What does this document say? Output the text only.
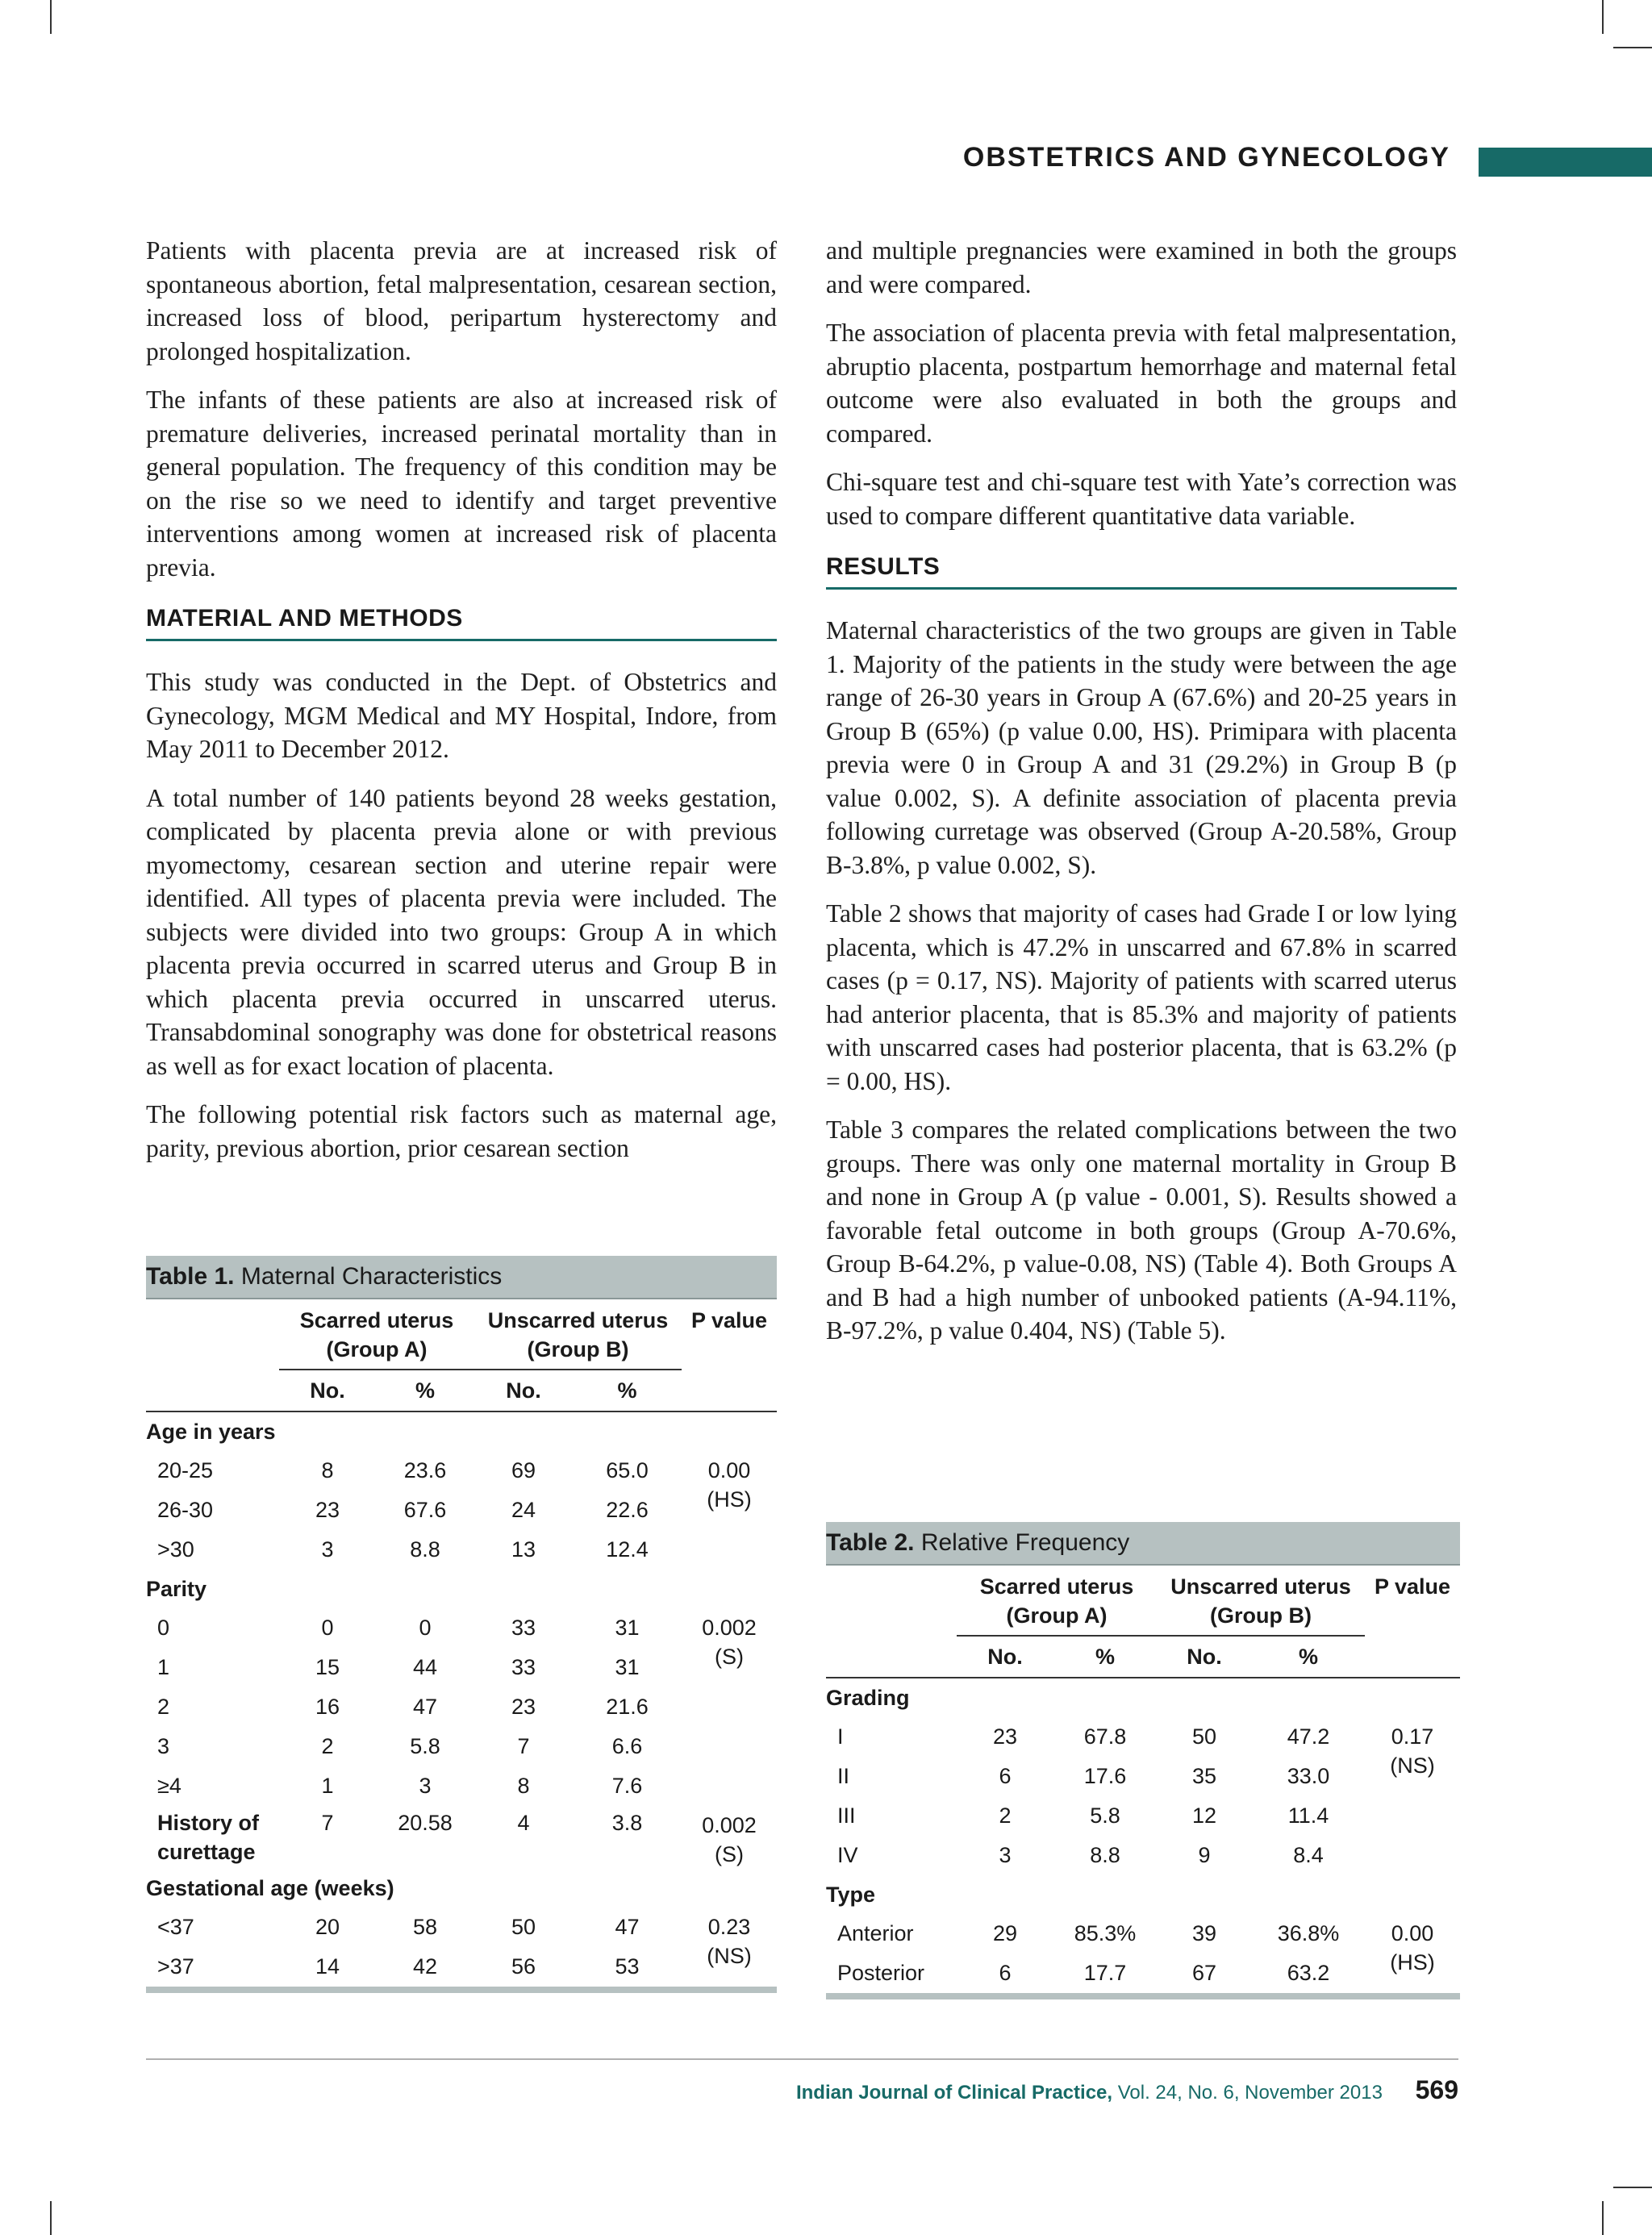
OBSTETRICS AND GYNECOLOGY

Patients with placenta previa are at increased risk of spontaneous abortion, fetal malpresentation, cesarean section, increased loss of blood, peripartum hysterectomy and prolonged hospitalization.

The infants of these patients are also at increased risk of premature deliveries, increased perinatal mortality than in general population. The frequency of this condition may be on the rise so we need to identify and target preventive interventions among women at increased risk of placenta previa.

MATERIAL AND METHODS

This study was conducted in the Dept. of Obstetrics and Gynecology, MGM Medical and MY Hospital, Indore, from May 2011 to December 2012.

A total number of 140 patients beyond 28 weeks gestation, complicated by placenta previa alone or with previous myomectomy, cesarean section and uterine repair were identified. All types of placenta previa were included. The subjects were divided into two groups: Group A in which placenta previa occurred in scarred uterus and Group B in which placenta previa occurred in unscarred uterus. Transabdominal sonography was done for obstetrical reasons as well as for exact location of placenta.

The following potential risk factors such as maternal age, parity, previous abortion, prior cesarean section

and multiple pregnancies were examined in both the groups and were compared.

The association of placenta previa with fetal malpresentation, abruptio placenta, postpartum hemorrhage and maternal fetal outcome were also evaluated in both the groups and compared.

Chi-square test and chi-square test with Yate’s correction was used to compare different quantitative data variable.

RESULTS

Maternal characteristics of the two groups are given in Table 1. Majority of the patients in the study were between the age range of 26-30 years in Group A (67.6%) and 20-25 years in Group B (65%) (p value 0.00, HS). Primipara with placenta previa were 0 in Group A and 31 (29.2%) in Group B (p value 0.002, S). A definite association of placenta previa following curretage was observed (Group A-20.58%, Group B-3.8%, p value 0.002, S).

Table 2 shows that majority of cases had Grade I or low lying placenta, which is 47.2% in unscarred and 67.8% in scarred cases (p = 0.17, NS). Majority of patients with scarred uterus had anterior placenta, that is 85.3% and majority of patients with unscarred cases had posterior placenta, that is 63.2% (p = 0.00, HS).

Table 3 compares the related complications between the two groups. There was only one maternal mortality in Group B and none in Group A (p value - 0.001, S). Results showed a favorable fetal outcome in both groups (Group A-70.6%, Group B-64.2%, p value-0.08, NS) (Table 4). Both Groups A and B had a high number of unbooked patients (A-94.11%, B-97.2%, p value 0.404, NS) (Table 5).

Table 1. Maternal Characteristics					

	Scarred uterus
(Group A)		Unscarred uterus
(Group B)		P value
	No.	%	No.	%	
Age in years					
20-25	8	23.6	69	65.0	0.00
(HS)

26-30	23	67.6	24	22.6	
>30	3	8.8	13	12.4	
Parity					
0	0	0	33	31	0.002
(S)

1	15	44	33	31	
2	16	47	23	21.6	
3	2	5.8	7	6.6	
≥4	1	3	8	7.6	

History of
curettage	7	20.58	4	3.8	0.002
(S)

Gestational age (weeks)					
<37	20	58	50	47	0.23
(NS)

>37	14	42	56	53	

Table 2. Relative Frequency					

	Scarred uterus
(Group A)		Unscarred uterus
(Group B)		P value
	No.	%	No.	%	
Grading					
I	23	67.8	50	47.2	0.17
(NS)

II	6	17.6	35	33.0	
III	2	5.8	12	11.4	
IV	3	8.8	9	8.4	
Type					
Anterior	29	85.3%	39	36.8%	0.00
(HS)

Posterior	6	17.7	67	63.2	

Indian Journal of Clinical Practice, Vol. 24, No. 6, November 2013 569
